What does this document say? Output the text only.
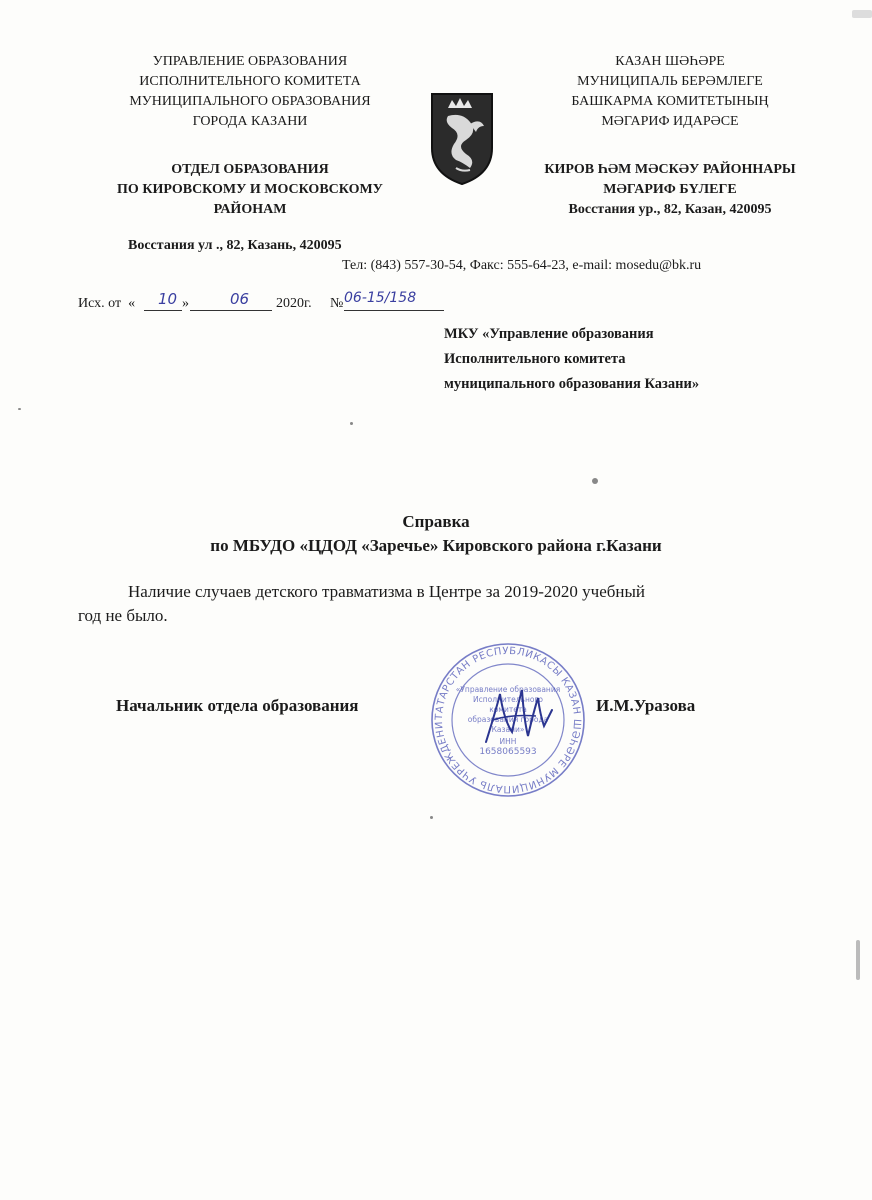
УПРАВЛЕНИЕ ОБРАЗОВАНИЯ
ИСПОЛНИТЕЛЬНОГО КОМИТЕТА
МУНИЦИПАЛЬНОГО ОБРАЗОВАНИЯ
ГОРОДА КАЗАНИ
ОТДЕЛ ОБРАЗОВАНИЯ
ПО КИРОВСКОМУ И МОСКОВСКОМУ
РАЙОНАМ
Восстания ул ., 82, Казань, 420095
КАЗАН ШӘҺӘРЕ
МУНИЦИПАЛЬ БЕРӘМЛЕГЕ
БАШКАРМА КОМИТЕТЫНЫҢ
МӘГАРИФ ИДАРӘСЕ
КИРОВ ҺӘМ МӘСКӘУ РАЙОННАРЫ
МӘГАРИФ БҮЛЕГЕ
Восстания ур., 82, Казан, 420095
Тел: (843) 557-30-54, Факс: 555-64-23, e-mail: mosedu@bk.ru
Исх. от  « 10 »	06 2020г. № 06-15/158
МКУ «Управление образования
Исполнительного комитета
муниципального образования Казани»
Справка
по МБУДО «ЦДОД «Заречье» Кировского района г.Казани
Наличие случаев детского травматизма в Центре за 2019-2020 учебный
год не было.
Начальник отдела образования	И.М.Уразова
ТАТАРСТАН РЕСПУБЛИКАСЫ КАЗАН ШӘҺӘРЕ МУНИЦИПАЛЬ УЧРЕЖДЕНИ
«Управление образования
Исполнительного
комитета
образования города
Казани»
ИНН
1658065593
